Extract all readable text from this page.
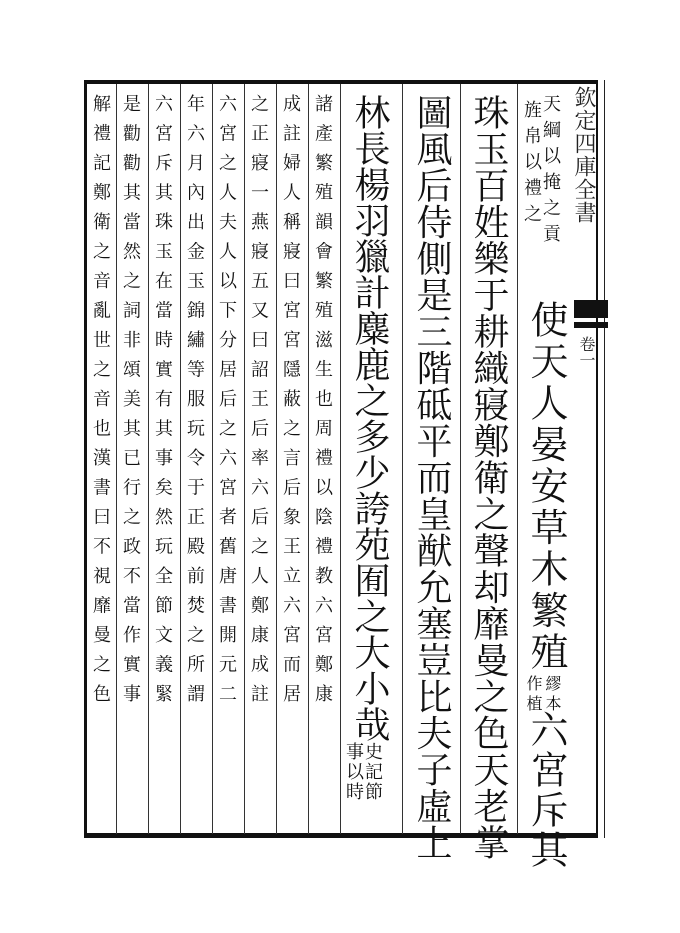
欽定四庫全書
卷一
天綱以掩之貢
旌帛以禮之
使天人晏安草木繁殖
繆本
作植
六宮斥其
珠玉百姓樂于耕織寢鄭衛之聲却靡曼之色天老掌
圖風后侍側是三階砥平而皇猷允塞豈比夫子虛上
林長楊羽獵計麋鹿之多少誇苑囿之大小哉
史記節
事以時
諸產繁殖韻會繁殖滋生也周禮以陰禮教六宮鄭康
成註婦人稱寢曰宮宮隱蔽之言后象王立六宮而居
之正寢一燕寢五又曰詔王后率六后之人鄭康成註
六宮之人夫人以下分居后之六宮者舊唐書開元二
年六月內出金玉錦繡等服玩令于正殿前焚之所謂
六宮斥其珠玉在當時實有其事矣然玩全節文義緊
是勸勸其當然之詞非頌美其已行之政不當作實事
解禮記鄭衛之音亂世之音也漢書曰不視靡曼之色
